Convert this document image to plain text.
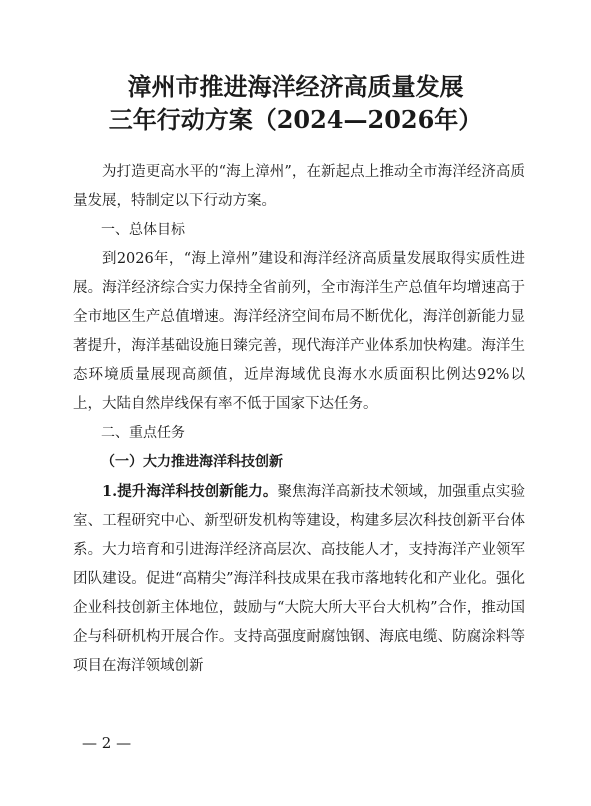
漳州市推进海洋经济高质量发展
三年行动方案（2024—2026年）

为打造更高水平的“海上漳州”，在新起点上推动全市海洋经济高质量发展，特制定以下行动方案。

一、总体目标

到2026年，“海上漳州”建设和海洋经济高质量发展取得实质性进展。海洋经济综合实力保持全省前列，全市海洋生产总值年均增速高于全市地区生产总值增速。海洋经济空间布局不断优化，海洋创新能力显著提升，海洋基础设施日臻完善，现代海洋产业体系加快构建。海洋生态环境质量展现高颜值，近岸海域优良海水水质面积比例达92%以上，大陆自然岸线保有率不低于国家下达任务。

二、重点任务

（一）大力推进海洋科技创新

1.提升海洋科技创新能力。聚焦海洋高新技术领域，加强重点实验室、工程研究中心、新型研发机构等建设，构建多层次科技创新平台体系。大力培育和引进海洋经济高层次、高技能人才，支持海洋产业领军团队建设。促进“高精尖”海洋科技成果在我市落地转化和产业化。强化企业科技创新主体地位，鼓励与“大院大所大平台大机构”合作，推动国企与科研机构开展合作。支持高强度耐腐蚀钢、海底电缆、防腐涂料等项目在海洋领域创新

— 2 —
